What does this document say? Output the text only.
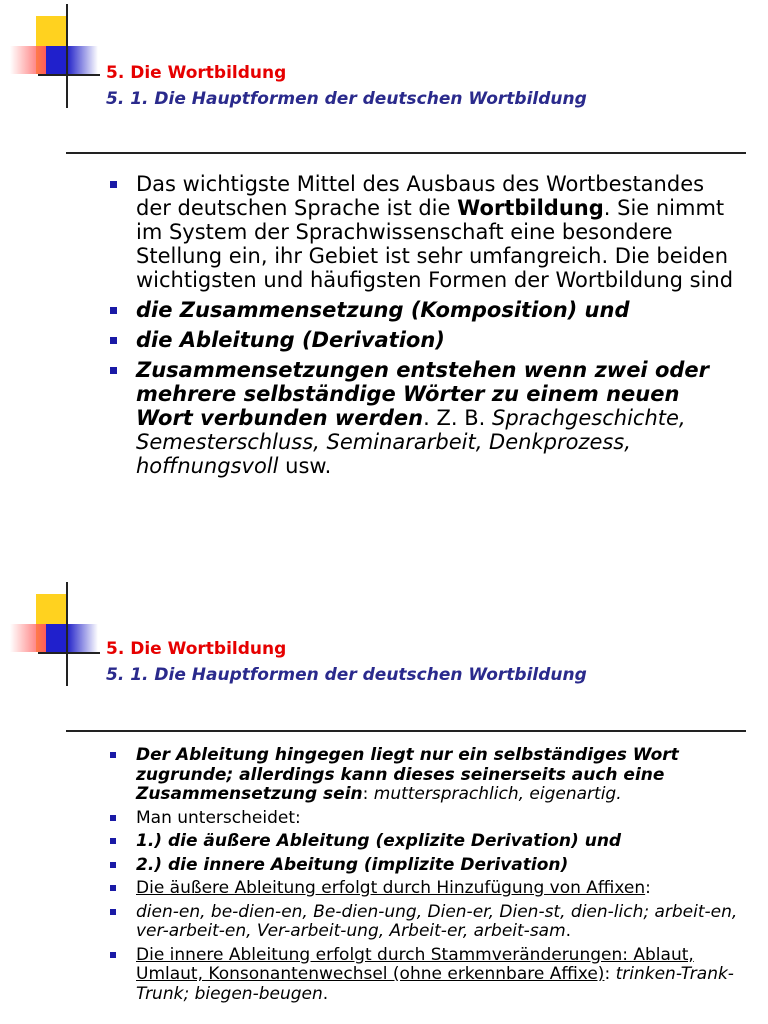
5. Die Wortbildung
5. 1. Die Hauptformen der deutschen Wortbildung
Das wichtigste Mittel des Ausbaus des Wortbestandes der deutschen Sprache ist die Wortbildung. Sie nimmt im System der Sprachwissenschaft eine besondere Stellung ein, ihr Gebiet ist sehr umfangreich. Die beiden wichtigsten und häufigsten Formen der Wortbildung sind
die Zusammensetzung (Komposition) und
die Ableitung (Derivation)
Zusammensetzungen entstehen wenn zwei oder mehrere selbständige Wörter zu einem neuen Wort verbunden werden. Z. B. Sprachgeschichte, Semesterschluss, Seminararbeit, Denkprozess, hoffnungsvoll usw.
5. Die Wortbildung
5. 1. Die Hauptformen der deutschen Wortbildung
Der Ableitung hingegen liegt nur ein selbständiges Wort zugrunde; allerdings kann dieses seinerseits auch eine Zusammensetzung sein: muttersprachlich, eigenartig.
Man unterscheidet:
1.) die äußere Ableitung (explizite Derivation) und
2.) die innere Abeitung (implizite Derivation)
Die äußere Ableitung erfolgt durch Hinzufügung von Affixen:
dien-en, be-dien-en, Be-dien-ung, Dien-er, Dien-st, dien-lich; arbeit-en, ver-arbeit-en, Ver-arbeit-ung, Arbeit-er, arbeit-sam.
Die innere Ableitung erfolgt durch Stammveränderungen: Ablaut, Umlaut, Konsonantenwechsel (ohne erkennbare Affixe): trinken-Trank-Trunk; biegen-beugen.
